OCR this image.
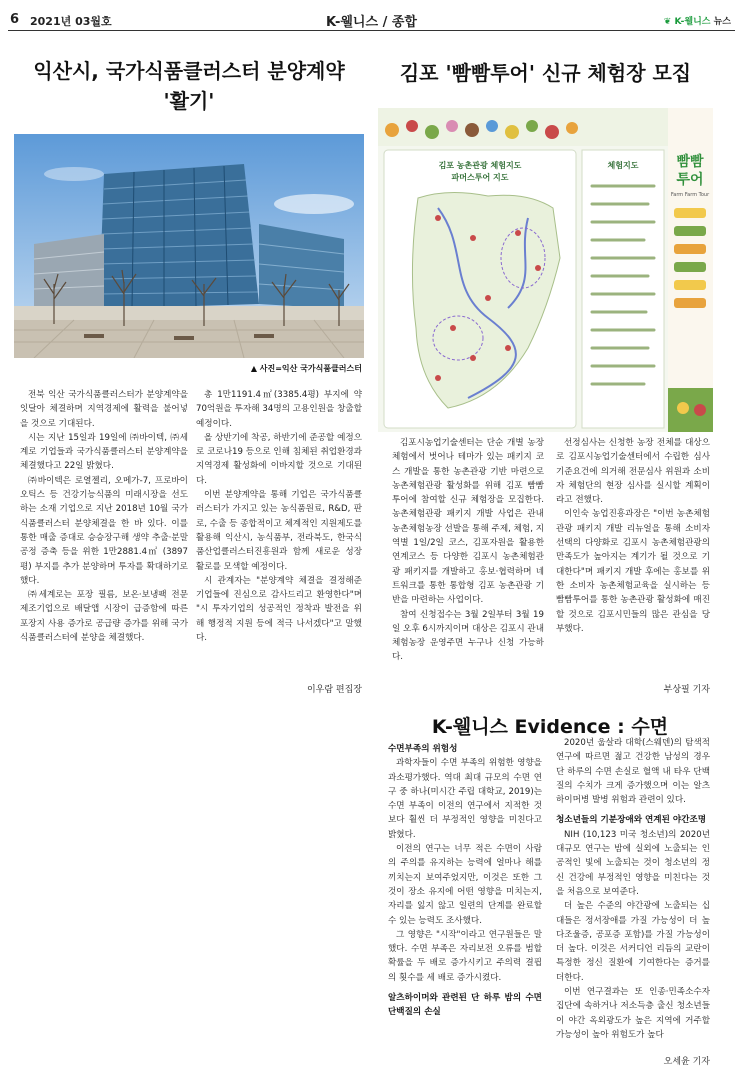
6 2021년 03월호	K-웰니스 / 종합	❦ K-웰니스 뉴스
익산시, 국가식품클러스터 분양계약
'활기'
▲ 사진=익산 국가식품클러스터

전북 익산 국가식품클러스터가 분양계약을 잇달아 체결하며 지역경제에 활력을 불어넣을 것으로 기대된다.

시는 지난 15일과 19일에 ㈜바이텍, ㈜세계로 기업들과 국가식품클러스터 분양계약을 체결했다고 22일 밝혔다.

㈜바이텍은 로열젤리, 오메가-7, 프로바이오틱스 등 건강기능식품의 미래시장을 선도하는 소재 기업으로 지난 2018년 10월 국가식품클러스터 분양체결을 한 바 있다. 이를 통한 매출 증대로 승승장구해 생약 추출·분말공정 증축 등을 위한 1만2881.4㎡ (3897평) 부지를 추가 분양하며 투자를 확대하기로 했다.

㈜세계로는 포장 필름, 보온·보냉팩 전문 제조기업으로 배달앱 시장이 급증함에 따른 포장지 사용 증가로 공급량 증가를 위해 국가식품클러스터에 분양을 체결했다.

총 1만1191.4㎡(3385.4평) 부지에 약 70억원을 투자해 34명의 고용인원을 창출할 예정이다.

올 상반기에 착공, 하반기에 준공할 예정으로 코로나19 등으로 인해 침체된 취업환경과 지역경제 활성화에 이바지할 것으로 기대된다.

이번 분양계약을 통해 기업은 국가식품클러스터가 가지고 있는 농식품원료, R&D, 판로, 수출 등 종합적이고 체계적인 지원제도를 활용해 익산시, 농식품부, 전라북도, 한국식품산업클러스터진흥원과 함께 새로운 성장 활로를 모색할 예정이다.

시 관계자는 "분양계약 체결을 결정해준 기업들에 진심으로 감사드리고 환영한다"며 "시 투자기업의 성공적인 정착과 발전을 위해 행정적 지원 등에 적극 나서겠다"고 말했다.

이우람 편집장
김포 '빰빰투어' 신규 체험장 모집
김포 농촌관광 체험지도
파머스투어 지도
체험지도	빰빰
투어
Farm Farm Tour

김포시농업기술센터는 단순 개별 농장 체험에서 벗어나 테마가 있는 패키지 코스 개발을 통한 농촌관광 기반 마련으로 농촌체험관광 활성화를 위해 김포 빰빰투어에 참여할 신규 체험장을 모집한다. 농촌체험관광 패키지 개발 사업은 관내 농촌체험농장 선발을 통해 주제, 체험, 지역별 1일/2일 코스, 김포자원을 활용한 연계코스 등 다양한 김포시 농촌체험관광 패키지를 개발하고 홍보·협력하며 네트워크를 통한 통합형 김포 농촌관광 기반을 마련하는 사업이다.

참여 신청접수는 3월 2일부터 3월 19일 오후 6시까지이며 대상은 김포시 관내 체험농장 운영주면 누구나 신청 가능하다.

선정심사는 신청한 농장 전체를 대상으로 김포시농업기술센터에서 수립한 심사기준요건에 의거해 전문심사 위원과 소비자 체험단의 현장 심사를 실시할 계획이라고 전했다.

이인숙 농업진흥과장은 "이번 농촌체험관광 패키지 개발 리뉴얼을 통해 소비자 선택의 다양화로 김포시 농촌체험관광의 만족도가 높아지는 계기가 될 것으로 기대한다"며 패키지 개발 후에는 홍보를 위한 소비자 농촌체험교육을 실시하는 등 빰빰투어를 통한 농촌관광 활성화에 매진할 것으로 김포시민들의 많은 관심을 당부했다.

부상필 기자
K-웰니스 Evidence : 수면
수면부족의 위험성

과학자들이 수면 부족의 위험한 영향을 과소평가했다. 역대 최대 규모의 수면 연구 중 하나(미시간 주립 대학교, 2019)는 수면 부족이 이전의 연구에서 지적한 것보다 훨씬 더 부정적인 영향을 미친다고 밝혔다.

이전의 연구는 너무 적은 수면이 사람의 주의를 유지하는 능력에 얼마나 해를 끼치는지 보여주었지만, 이것은 또한 그것이 장소 유지에 어떤 영향을 미치는지, 자리를 잃지 않고 일련의 단계를 완료할 수 있는 능력도 조사했다.

그 영향은 "시작"이라고 연구원들은 말했다. 수면 부족은 자리보전 오류를 범할 확률을 두 배로 증가시키고 주의력 결핍의 횟수를 세 배로 증가시켰다.

알츠하이머와 관련된 단 하루 밤의 수면 단백질의 손실

2020년 웁살라 대학(스웨덴)의 탐색적 연구에 따르면 젊고 건강한 남성의 경우 단 하루의 수면 손실로 혈액 내 타우 단백질의 수치가 크게 증가했으며 이는 알츠하이머병 발병 위험과 관련이 있다.

청소년들의 기분장애와 연계된 야간조명

NIH (10,123 미국 청소년)의 2020년 대규모 연구는 밤에 실외에 노출되는 인공적인 빛에 노출되는 것이 청소년의 정신 건강에 부정적인 영향을 미친다는 것을 처음으로 보여준다.

더 높은 수준의 야간광에 노출되는 십대들은 정서장애를 가질 가능성이 더 높다조울증, 공포증 포함)를 가질 가능성이 더 높다. 이것은 서커디언 리듬의 교란이 특정한 정신 질환에 기여한다는 증거를 더한다.

이번 연구결과는 또 인종·민족소수자 집단에 속하거나 저소득층 출신 청소년들이 야간 옥외광도가 높은 지역에 거주할 가능성이 높아 위험도가 높다

오세윤 기자
